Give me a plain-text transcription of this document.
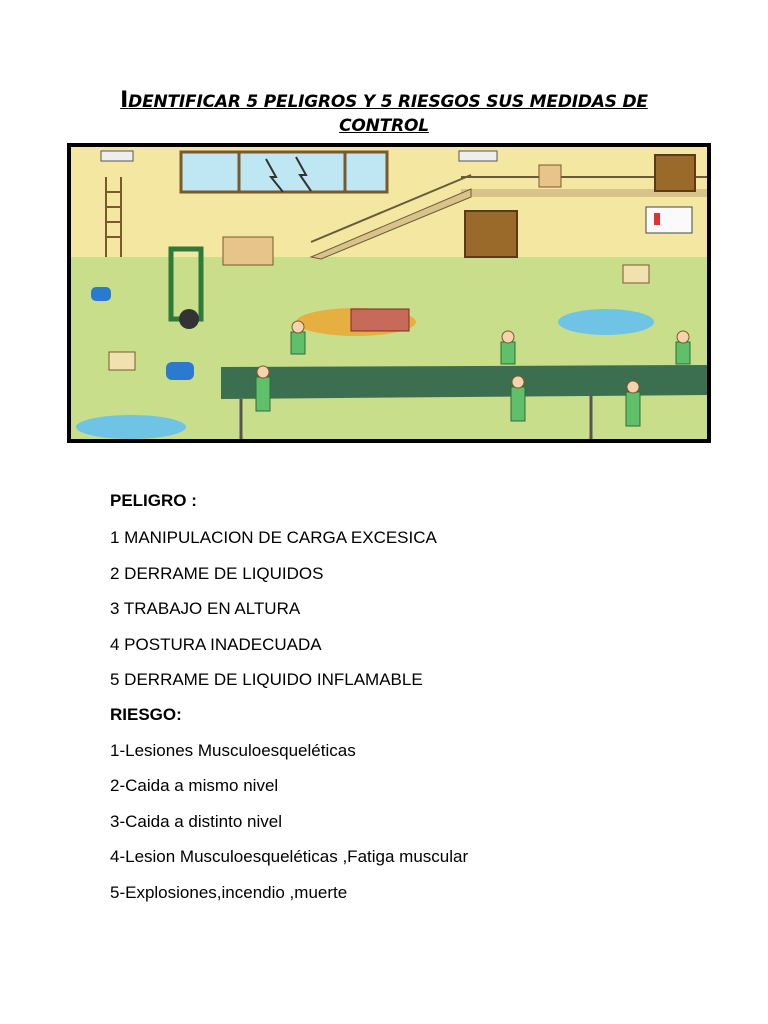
IDENTIFICAR 5 PELIGROS Y 5 RIESGOS SUS MEDIDAS DE
CONTROL
PELIGRO :
1 MANIPULACION DE CARGA EXCESICA
2 DERRAME DE LIQUIDOS
3 TRABAJO EN ALTURA
4 POSTURA INADECUADA
5 DERRAME DE LIQUIDO INFLAMABLE
RIESGO:
1-Lesiones Musculoesqueléticas
2-Caida a mismo nivel
3-Caida a distinto nivel
4-Lesion Musculoesqueléticas ,Fatiga muscular
5-Explosiones,incendio ,muerte
